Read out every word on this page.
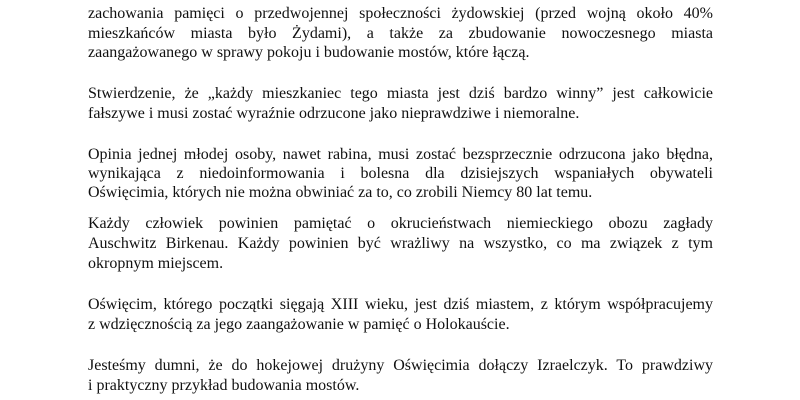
zachowania pamięci o przedwojennej społeczności żydowskiej (przed wojną około 40%
mieszkańców miasta było Żydami), a także za zbudowanie nowoczesnego miasta
zaangażowanego w sprawy pokoju i budowanie mostów, które łączą.
Stwierdzenie, że „każdy mieszkaniec tego miasta jest dziś bardzo winny” jest całkowicie
fałszywe i musi zostać wyraźnie odrzucone jako nieprawdziwe i niemoralne.
Opinia jednej młodej osoby, nawet rabina, musi zostać bezsprzecznie odrzucona jako błędna,
wynikająca z niedoinformowania i bolesna dla dzisiejszych wspaniałych obywateli
Oświęcimia, których nie można obwiniać za to, co zrobili Niemcy 80 lat temu.
Każdy człowiek powinien pamiętać o okrucieństwach niemieckiego obozu zagłady
Auschwitz Birkenau. Każdy powinien być wrażliwy na wszystko, co ma związek z tym
okropnym miejscem.
Oświęcim, którego początki sięgają XIII wieku, jest dziś miastem, z którym współpracujemy
z wdzięcznością za jego zaangażowanie w pamięć o Holokauście.
Jesteśmy dumni, że do hokejowej drużyny Oświęcimia dołączy Izraelczyk. To prawdziwy
i praktyczny przykład budowania mostów.
